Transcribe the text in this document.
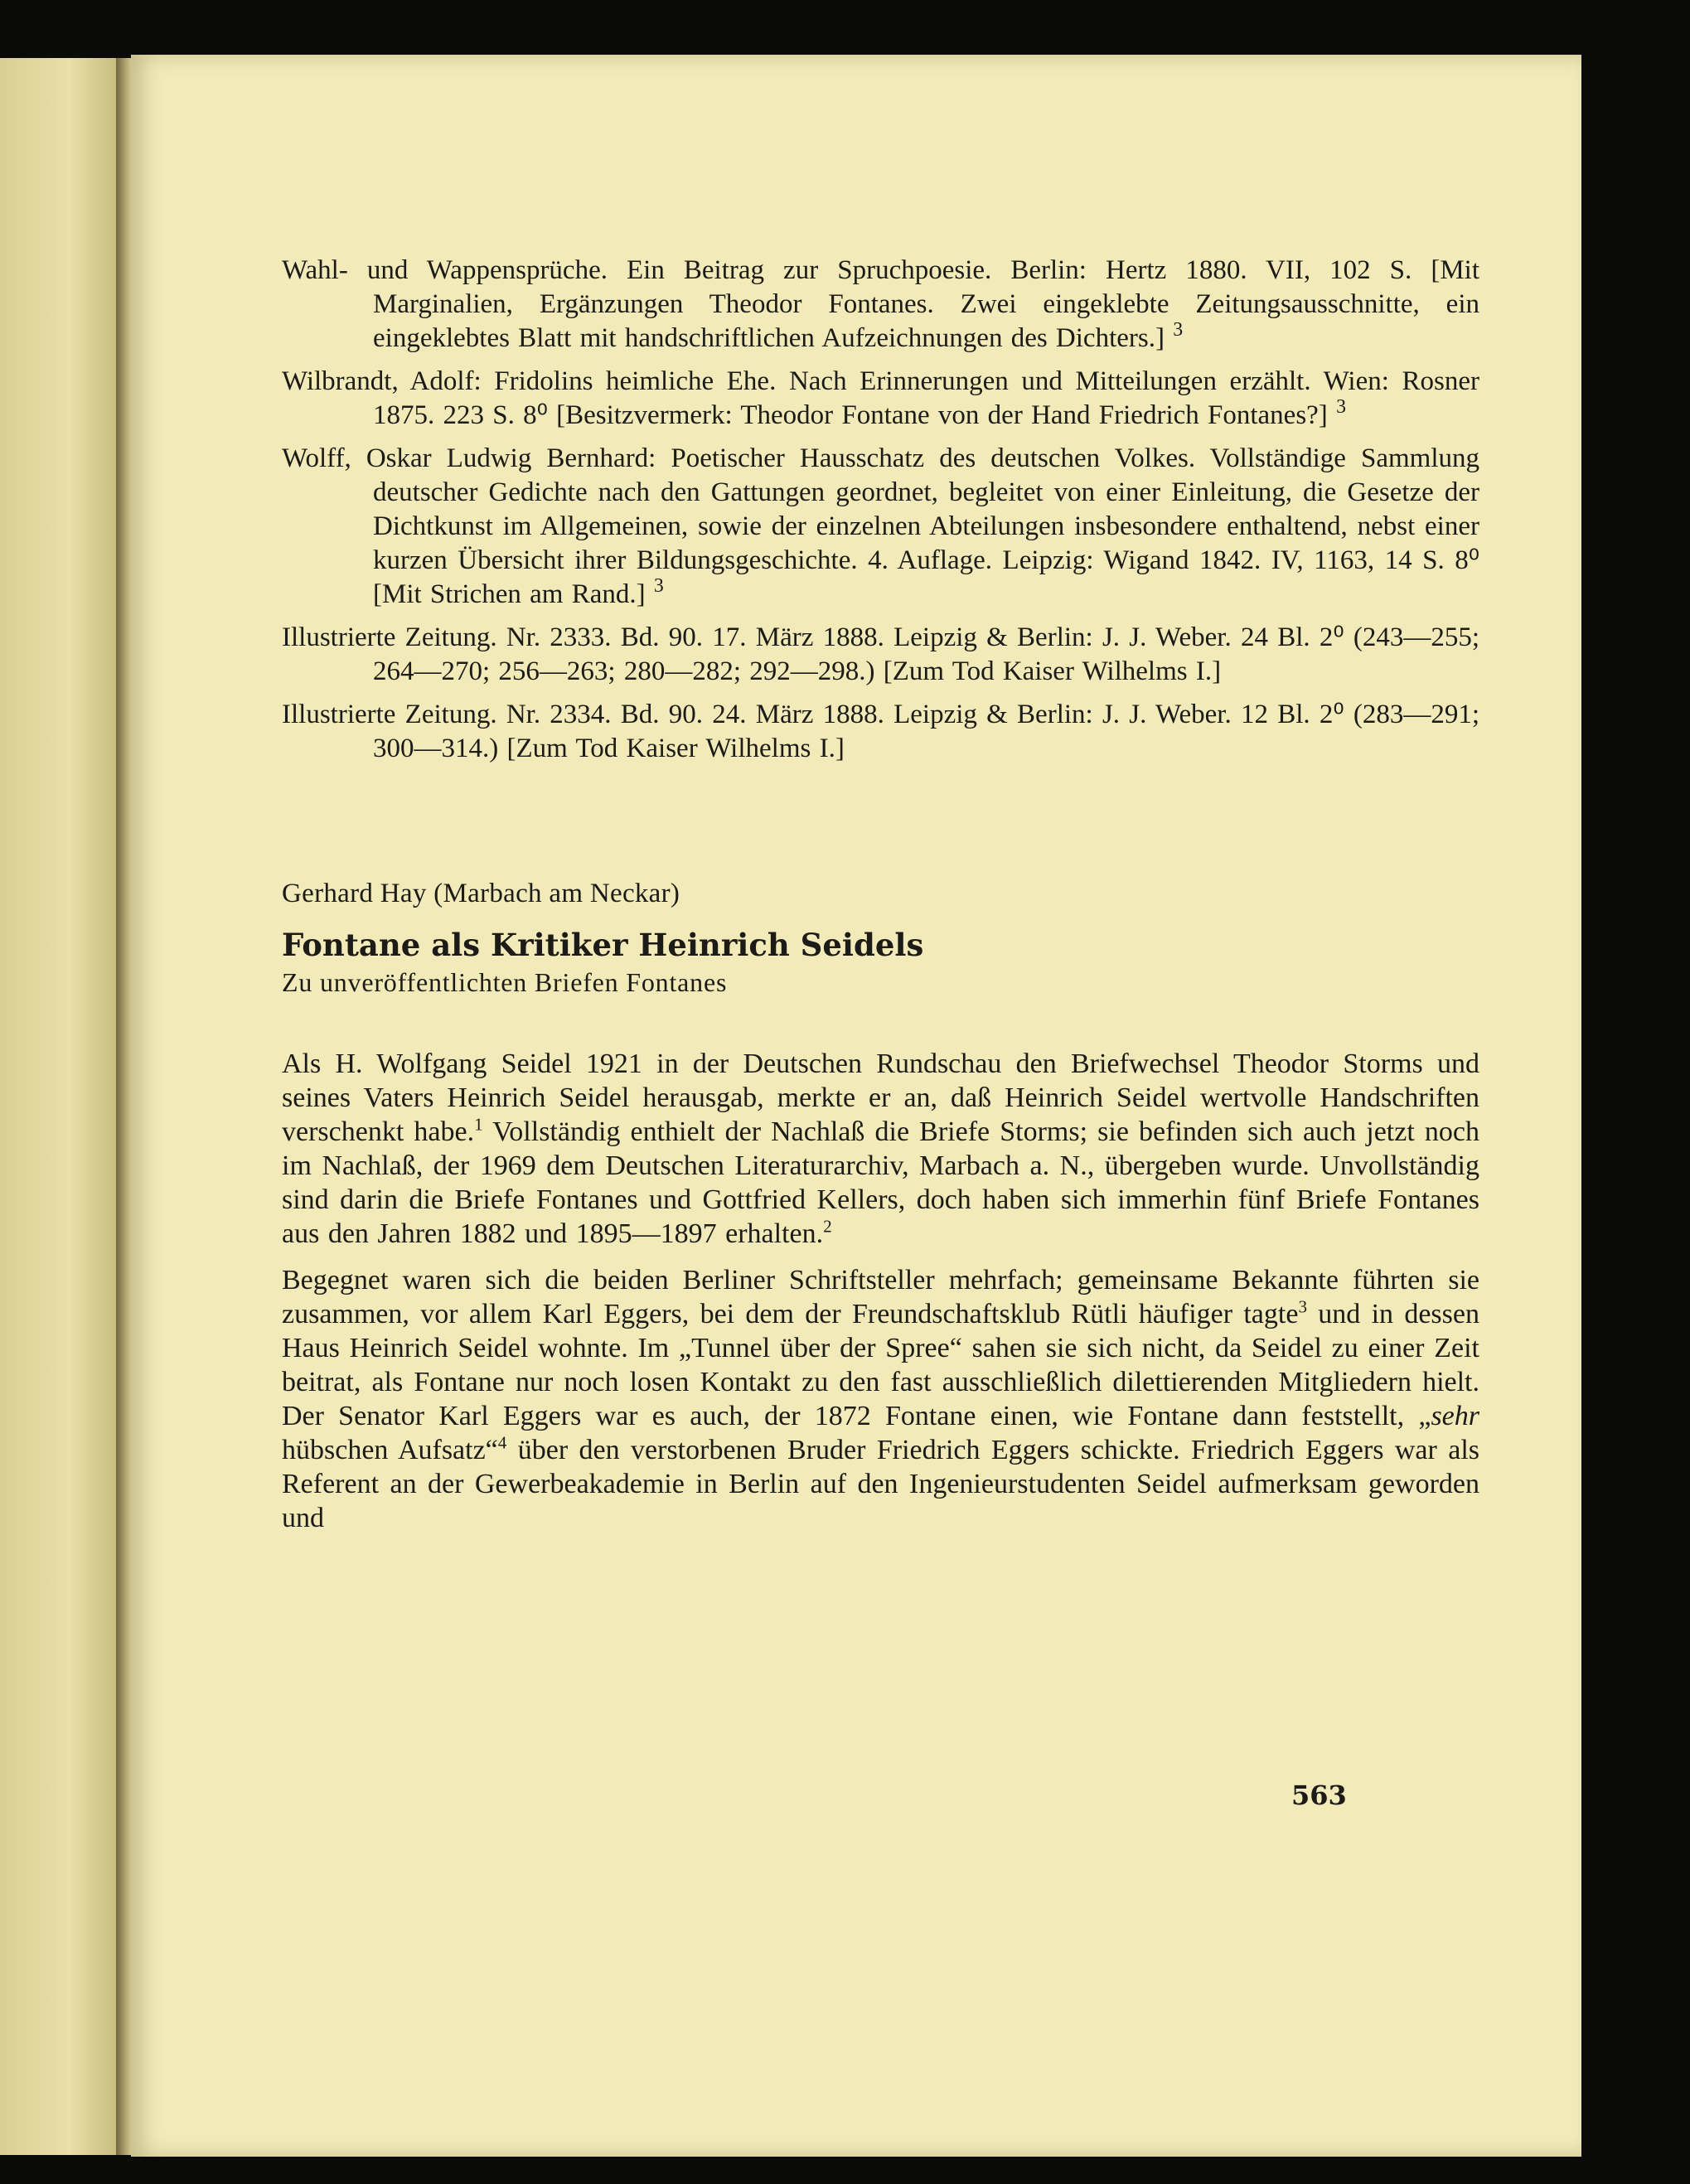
Wahl- und Wappensprüche. Ein Beitrag zur Spruchpoesie. Berlin: Hertz 1880. VII, 102 S. [Mit Marginalien, Ergänzungen Theodor Fontanes. Zwei eingeklebte Zeitungsausschnitte, ein eingeklebtes Blatt mit handschriftlichen Aufzeichnungen des Dichters.] $^3$

Wilbrandt, Adolf: Fridolins heimliche Ehe. Nach Erinnerungen und Mitteilungen erzählt. Wien: Rosner 1875. 223 S. 8⁰ [Besitzvermerk: Theodor Fontane von der Hand Friedrich Fontanes?] $^3$

Wolff, Oskar Ludwig Bernhard: Poetischer Hausschatz des deutschen Volkes. Vollständige Sammlung deutscher Gedichte nach den Gattungen geordnet, begleitet von einer Einleitung, die Gesetze der Dichtkunst im Allgemeinen, sowie der einzelnen Abteilungen insbesondere enthaltend, nebst einer kurzen Übersicht ihrer Bildungsgeschichte. 4. Auflage. Leipzig: Wigand 1842. IV, 1163, 14 S. 8⁰ [Mit Strichen am Rand.] $^3$

Illustrierte Zeitung. Nr. 2333. Bd. 90. 17. März 1888. Leipzig & Berlin: J. J. Weber. 24 Bl. 2⁰ (243—255; 264—270; 256—263; 280—282; 292—298.) [Zum Tod Kaiser Wilhelms I.]

Illustrierte Zeitung. Nr. 2334. Bd. 90. 24. März 1888. Leipzig & Berlin: J. J. Weber. 12 Bl. 2⁰ (283—291; 300—314.) [Zum Tod Kaiser Wilhelms I.]

Gerhard Hay (Marbach am Neckar)

Fontane als Kritiker Heinrich Seidels

Zu unveröffentlichten Briefen Fontanes

Als H. Wolfgang Seidel 1921 in der Deutschen Rundschau den Briefwechsel Theodor Storms und seines Vaters Heinrich Seidel herausgab, merkte er an, daß Heinrich Seidel wertvolle Handschriften verschenkt habe.$^1$ Vollständig enthielt der Nachlaß die Briefe Storms; sie befinden sich auch jetzt noch im Nachlaß, der 1969 dem Deutschen Literaturarchiv, Marbach a. N., übergeben wurde. Unvollständig sind darin die Briefe Fontanes und Gottfried Kellers, doch haben sich immerhin fünf Briefe Fontanes aus den Jahren 1882 und 1895—1897 erhalten.$^2$

Begegnet waren sich die beiden Berliner Schriftsteller mehrfach; gemeinsame Bekannte führten sie zusammen, vor allem Karl Eggers, bei dem der Freundschaftsklub Rütli häufiger tagte$^3$ und in dessen Haus Heinrich Seidel wohnte. Im „Tunnel über der Spree“ sahen sie sich nicht, da Seidel zu einer Zeit beitrat, als Fontane nur noch losen Kontakt zu den fast ausschließlich dilettierenden Mitgliedern hielt. Der Senator Karl Eggers war es auch, der 1872 Fontane einen, wie Fontane dann feststellt, „sehr hübschen Aufsatz“$^4$ über den verstorbenen Bruder Friedrich Eggers schickte. Friedrich Eggers war als Referent an der Gewerbeakademie in Berlin auf den Ingenieurstudenten Seidel aufmerksam geworden und

563
